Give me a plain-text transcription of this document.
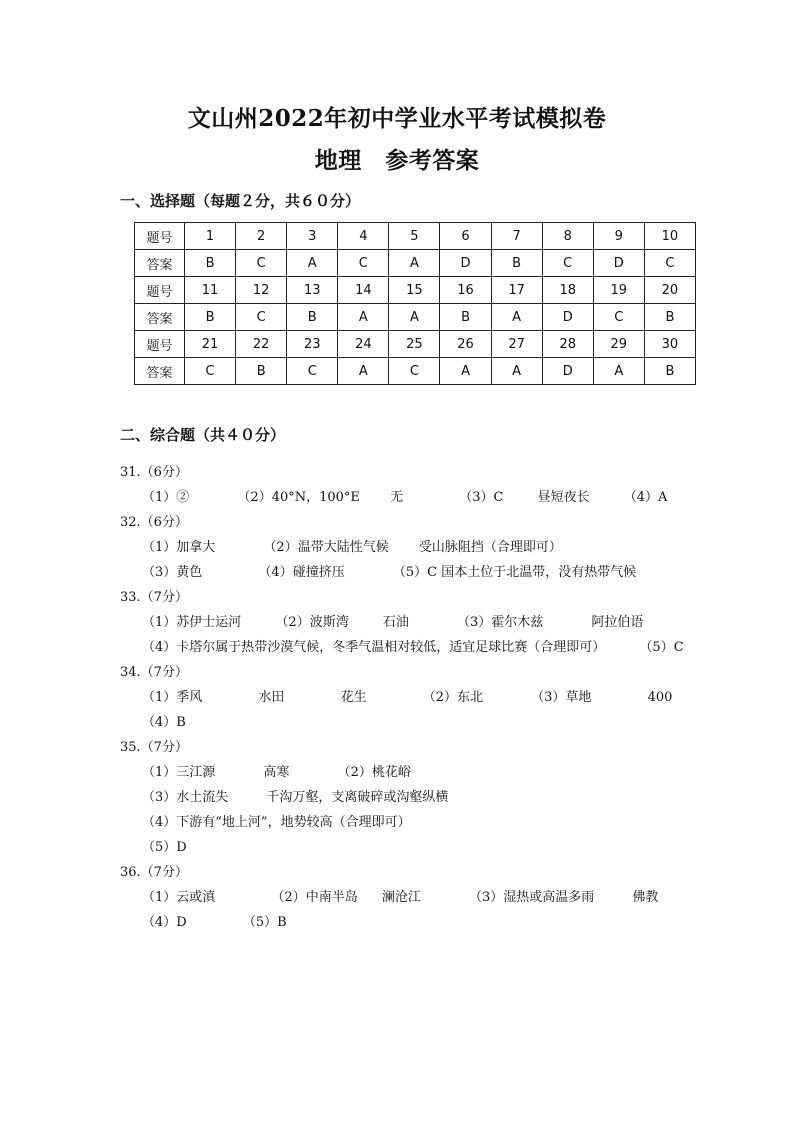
文山州2022年初中学业水平考试模拟卷
地理　参考答案
一、选择题（每题２分，共６０分）
题号	1	2	3	4	5	6	7	8	9	10
答案	B	C	A	C	A	D	B	C	D	C
题号	11	12	13	14	15	16	17	18	19	20
答案	B	C	B	A	A	B	A	D	C	B
题号	21	22	23	24	25	26	27	28	29	30
答案	C	B	C	A	C	A	A	D	A	B
二、综合题（共４０分）
31.（6分）
（1）②	（2）40°N，100°E 无	（3）C	昼短夜长	（4）A
32.（6分）
（1）加拿大	（2）温带大陆性气候 受山脉阻挡（合理即可）
（3）黄色	（4）碰撞挤压	（5）C 国本土位于北温带，没有热带气候
33.（7分）
（1）苏伊士运河	（2）波斯湾	石油	（3）霍尔木兹	阿拉伯语
（4）卡塔尔属于热带沙漠气候，冬季气温相对较低，适宜足球比赛（合理即可）	（5）C
34.（7分）
（1）季风	水田	花生	（2）东北	（3）草地	400
（4）B
35.（7分）
（1）三江源	高寒	（2）桃花峪
（3）水土流失	千沟万壑，支离破碎或沟壑纵横
（4）下游有“地上河”，地势较高（合理即可）
（5）D
36.（7分）
（1）云或滇	（2）中南半岛 澜沧江	（3）湿热或高温多雨	佛教
（4）D	（5）B
